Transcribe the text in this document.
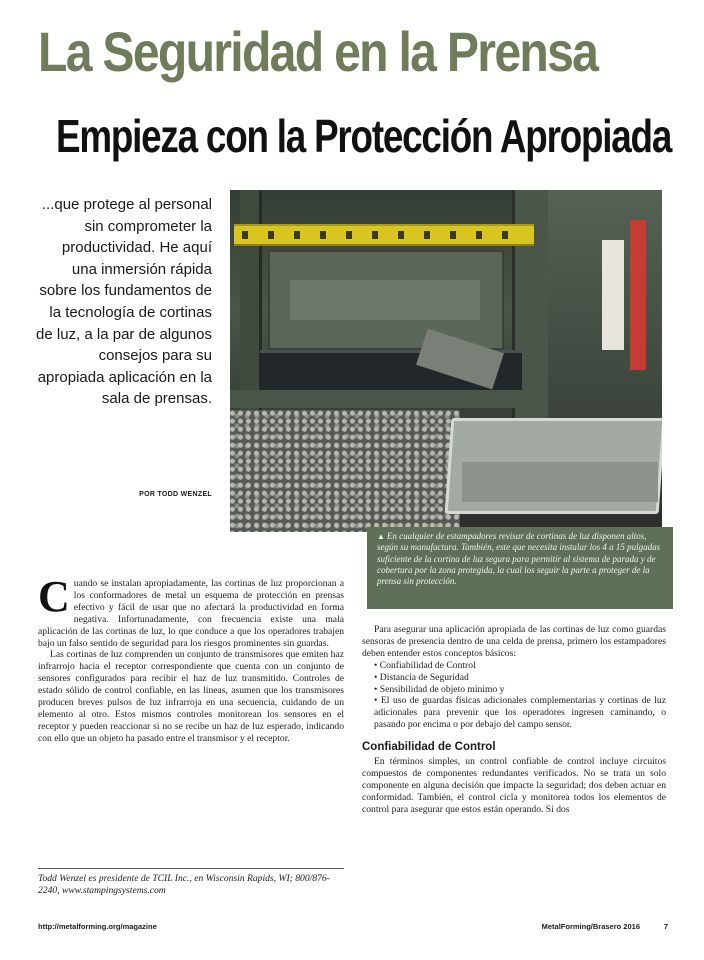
La Seguridad en la Prensa
Empieza con la Protección Apropiada
...que protege al personal sin comprometer la productividad. He aquí una inmersión rápida sobre los fundamentos de la tecnología de cortinas de luz, a la par de algunos consejos para su apropiada aplicación en la sala de prensas.
POR TODD WENZEL
▲ En cualquier de estampadores revisar de cortinas de luz disponen altos, según su manufactura. También, este que necesita instalar los 4 a 15 pulgadas suficiente de la cortina de luz segura para permitir al sistema de parada y de cobertura por la zona protegida, la cual los seguir la parte a proteger de la prensa sin protección.

Cuando se instalan apropiadamente, las cortinas de luz proporcionan a los conformadores de metal un esquema de protección en prensas efectivo y fácil de usar que no afectará la productividad en forma negativa. Infortunadamente, con frecuencia existe una mala aplicación de las cortinas de luz, lo que conduce a que los operadores trabajen bajo un falso sentido de seguridad para los riesgos prominentes sin guardas.

Las cortinas de luz comprenden un conjunto de transmisores que emiten haz infrarrojo hacia el receptor correspondiente que cuenta con un conjunto de sensores configurados para recibir el haz de luz transmitido. Controles de estado sólido de control confiable, en las líneas, asumen que los transmisores producen breves pulsos de luz infrarroja en una secuencia, cuidando de un elemento al otro. Estos mismos controles monitorean los sensores en el receptor y pueden reaccionar si no se recibe un haz de luz esperado, indicando con ello que un objeto ha pasado entre el transmisor y el receptor.

Todd Wenzel es presidente de TCIL Inc., en Wisconsin Rapids, WI; 800/876-2240, www.stampingsystems.com

Para asegurar una aplicación apropiada de las cortinas de luz como guardas sensoras de presencia dentro de una celda de prensa, primero los estampadores deben entender estos conceptos básicos:

• Confiabilidad de Control
• Distancia de Seguridad
• Sensibilidad de objeto mínimo y
• El uso de guardas físicas adicionales complementarias y cortinas de luz adicionales para prevenir que los operadores ingresen caminando, o pasando por encima o por debajo del campo sensor.
Confiabilidad de Control

En términos simples, un control confiable de control incluye circuitos compuestos de componentes redundantes verificados. No se trata un solo componente en alguna decisión que impacte la seguridad; dos deben actuar en conformidad. También, el control cicla y monitorea todos los elementos de control para asegurar que estos están operando. Si dos

http://metalforming.org/magazine	MetalForming/Brasero 2016	7
